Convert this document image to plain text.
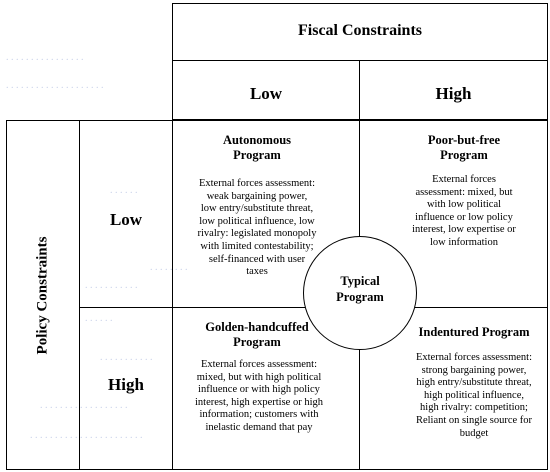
. . . . . . . . . . . . . . . .
. . . . . . . . . . . . . . . . . . . .
. . . . . .
. . . . . . . .
. . . . . . . . . . .
. . . . . .
. . . . . . . . . . .
. . . . . . . . . . . . . . . . . .
. . . . . . . . . . . . . . . . . . . . . . .
Fiscal Constraints
Low	High
Policy Constraints
Low
High
Autonomous
Program
External forces assessment:
weak bargaining power,
low entry/substitute threat,
low political influence, low
rivalry: legislated monopoly
with limited contestability;
self-financed with user
taxes
Poor-but-free
Program
External forces
assessment: mixed, but
with low political
influence or low policy
interest, low expertise or
low information
Golden-handcuffed
Program
External forces assessment:
mixed, but with high political
influence or with high policy
interest, high expertise or high
information; customers with
inelastic demand that pay
Indentured Program
External forces assessment:
strong bargaining power,
high entry/substitute threat,
high political influence,
high rivalry: competition;
Reliant on single source for
budget
Typical
Program
